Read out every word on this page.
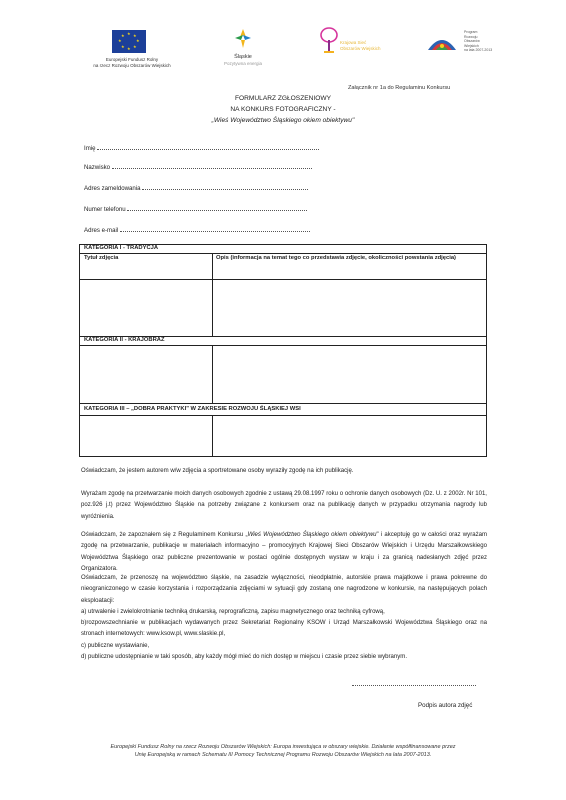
★ ★
★
★
★
★
★
★
Europejski Fundusz Rolny
na rzecz Rozwoju Obszarów Wiejskich
Śląskie
Pozytywna energia
Krajowa Sieć
Obszarów Wiejskich
Program
Rozwoju
Obszarów
Wiejskich
na lata 2007-2013
Załącznik nr 1a do Regulaminu Konkursu
FORMULARZ ZGŁOSZENIOWY
NA KONKURS FOTOGRAFICZNY -
„Wieś Województwo Śląskiego okiem obiektywu"
Imię
Nazwisko
Adres zameldowania
Numer telefonu
Adres e-mail
KATEGORIA I - TRADYCJA
Tytuł zdjęcia	Opis (informacja na temat tego co przedstawia zdjęcie, okoliczności powstania zdjęcia)
KATEGORIA II - KRAJOBRAZ
KATEGORIA III – „DOBRA PRAKTYKI" W ZAKRESIE ROZWOJU ŚLĄSKIEJ WSI
Oświadczam, że jestem autorem w/w zdjęcia a sportretowane osoby wyraziły zgodę na ich publikację.
Wyrażam zgodę na przetwarzanie moich danych osobowych zgodnie z ustawą 29.08.1997 roku o ochronie danych osobowych (Dz. U. z 2002r. Nr 101, poz.926 j.t) przez Województwo Śląskie na potrzeby związane z konkursem oraz na publikację danych w przypadku otrzymania nagrody lub wyróżnienia.
Oświadczam, że zapoznałem się z Regulaminem Konkursu „Wieś Województwo Śląskiego okiem obiektywu" i akceptuję go w całości oraz wyrażam zgodę na przetwarzanie, publikacje w materiałach informacyjno – promocyjnych Krajowej Sieci Obszarów Wiejskich i Urzędu Marszałkowskiego Województwa Śląskiego oraz publiczne prezentowanie w postaci ogólnie dostępnych wystaw w kraju i za granicą nadesłanych zdjęć przez Organizatora.
Oświadczam, że przenoszę na województwo śląskie, na zasadzie wyłączności, nieodpłatnie, autorskie prawa majątkowe i prawa pokrewne do nieograniczonego w czasie korzystania i rozporządzania zdjęciami w sytuacji gdy zostaną one nagrodzone w konkursie, na następujących polach eksploatacji:
a) utrwalenie i zwielokrotnianie techniką drukarską, reprograficzną, zapisu magnetycznego oraz techniką cyfrową,
b)rozpowszechnianie w publikacjach wydawanych przez Sekretariat Regionalny KSOW i Urząd Marszałkowski Województwa Śląskiego oraz na stronach internetowych: www.ksow.pl, www.slaskie.pl,
c) publiczne wystawianie,
d) publiczne udostępnianie w taki sposób, aby każdy mógł mieć do nich dostęp w miejscu i czasie przez siebie wybranym.
Podpis autora zdjęć
Europejski Fundusz Rolny na rzecz Rozwoju Obszarów Wiejskich: Europa inwestująca w obszary wiejskie. Działanie współfinansowane przez
Unię Europejską w ramach Schematu III Pomocy Technicznej Programu Rozwoju Obszarów Wiejskich na lata 2007-2013.
